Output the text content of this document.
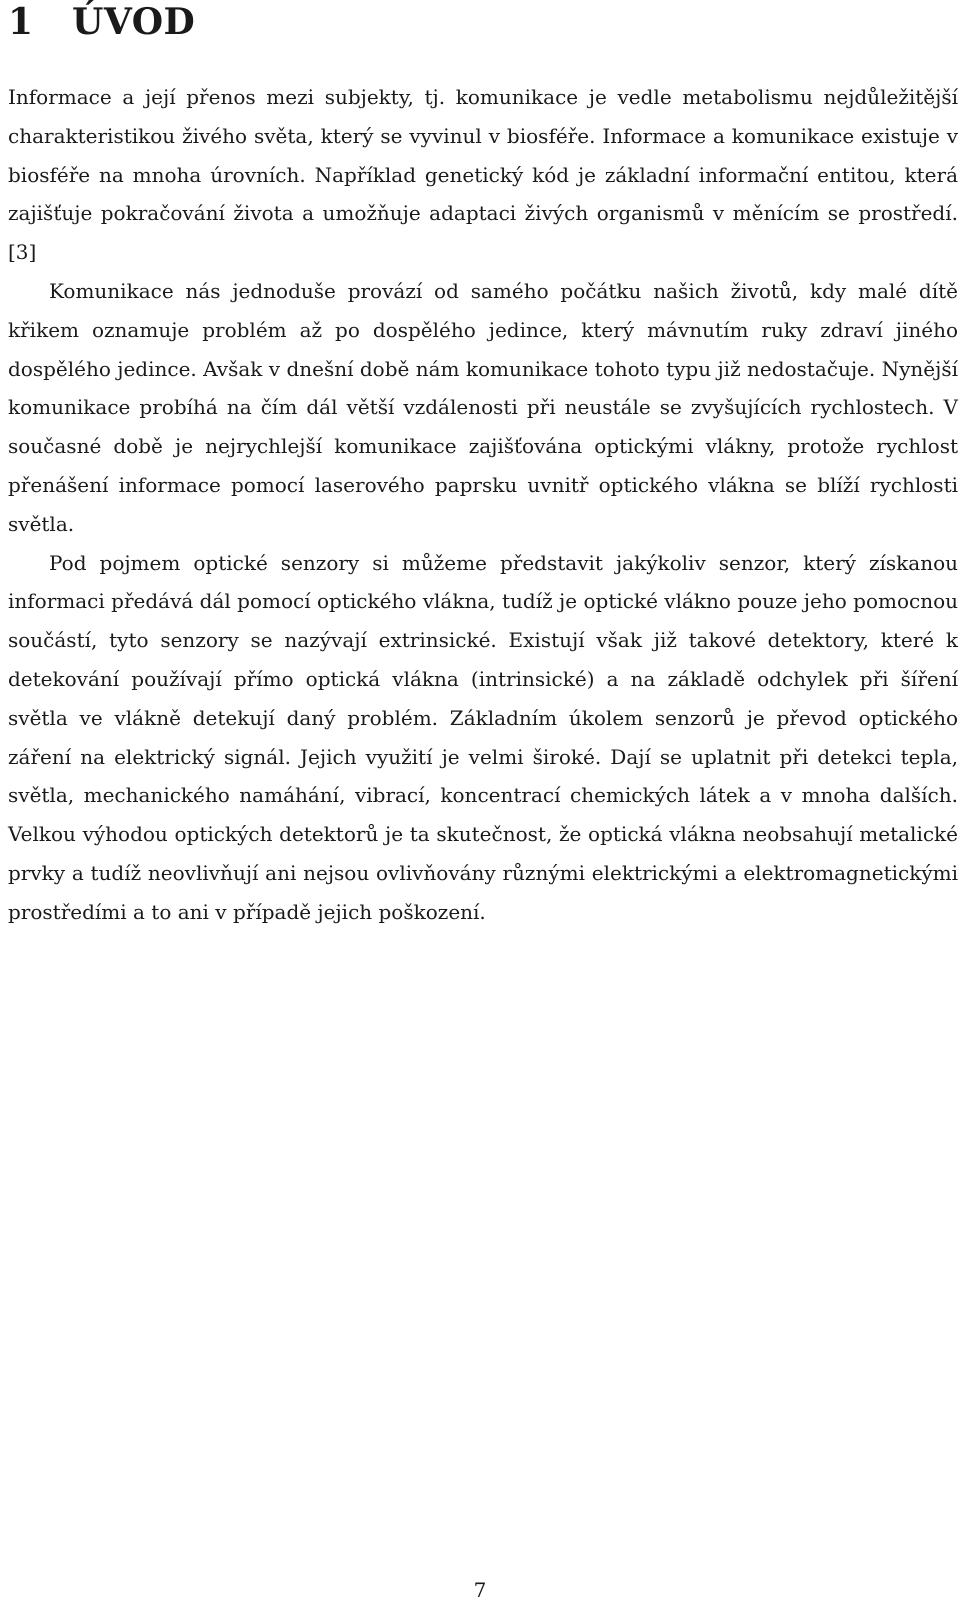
1 ÚVOD

Informace a její přenos mezi subjekty, tj. komunikace je vedle metabolismu nejdůležitější charakteristikou živého světa, který se vyvinul v biosféře. Informace a komunikace existuje v biosféře na mnoha úrovních. Například genetický kód je základní informační entitou, která zajišťuje pokračování života a umožňuje adaptaci živých organismů v měnícím se prostředí.[3]

Komunikace nás jednoduše provází od samého počátku našich životů, kdy malé dítě křikem oznamuje problém až po dospělého jedince, který mávnutím ruky zdraví jiného dospělého jedince. Avšak v dnešní době nám komunikace tohoto typu již nedostačuje. Nynější komunikace probíhá na čím dál větší vzdálenosti při neustále se zvyšujících rychlostech. V současné době je nejrychlejší komunikace zajišťována optickými vlákny, protože rychlost přenášení informace pomocí laserového paprsku uvnitř optického vlákna se blíží rychlosti světla.

Pod pojmem optické senzory si můžeme představit jakýkoliv senzor, který získanou informaci předává dál pomocí optického vlákna, tudíž je optické vlákno pouze jeho pomocnou součástí, tyto senzory se nazývají extrinsické. Existují však již takové detektory, které k detekování používají přímo optická vlákna (intrinsické) a na základě odchylek při šíření světla ve vlákně detekují daný problém. Základním úkolem senzorů je převod optického záření na elektrický signál. Jejich využití je velmi široké. Dají se uplatnit při detekci tepla, světla, mechanického namáhání, vibrací, koncentrací chemických látek a v mnoha dalších. Velkou výhodou optických detektorů je ta skutečnost, že optická vlákna neobsahují metalické prvky a tudíž neovlivňují ani nejsou ovlivňovány různými elektrickými a elektromagnetickými prostředími a to ani v případě jejich poškození.

7
